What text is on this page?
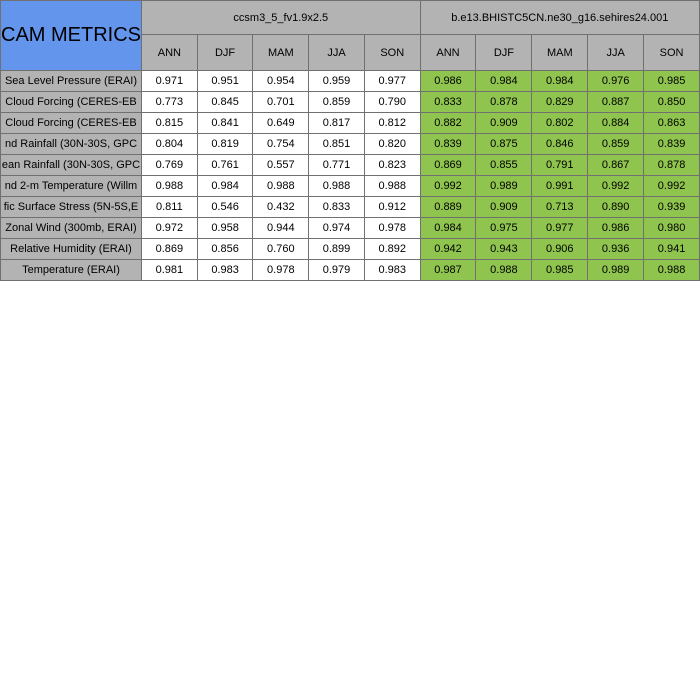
CAM METRICS	ccsm3_5_fv1.9x2.5					b.e13.BHISTC5CN.ne30_g16.sehires24.001				
	ANN	DJF	MAM	JJA	SON	ANN	DJF	MAM	JJA	SON

Sea Level Pressure (ERAI)	0.971	0.951	0.954	0.959	0.977	0.986	0.984	0.984	0.976	0.985

Cloud Forcing (CERES-EB	0.773	0.845	0.701	0.859	0.790	0.833	0.878	0.829	0.887	0.850

Cloud Forcing (CERES-EB	0.815	0.841	0.649	0.817	0.812	0.882	0.909	0.802	0.884	0.863

nd Rainfall (30N-30S, GPC	0.804	0.819	0.754	0.851	0.820	0.839	0.875	0.846	0.859	0.839

ean Rainfall (30N-30S, GPC	0.769	0.761	0.557	0.771	0.823	0.869	0.855	0.791	0.867	0.878

nd 2-m Temperature (Willm	0.988	0.984	0.988	0.988	0.988	0.992	0.989	0.991	0.992	0.992

fic Surface Stress (5N-5S,E	0.811	0.546	0.432	0.833	0.912	0.889	0.909	0.713	0.890	0.939

Zonal Wind (300mb, ERAI)	0.972	0.958	0.944	0.974	0.978	0.984	0.975	0.977	0.986	0.980

Relative Humidity (ERAI)	0.869	0.856	0.760	0.899	0.892	0.942	0.943	0.906	0.936	0.941

Temperature (ERAI)	0.981	0.983	0.978	0.979	0.983	0.987	0.988	0.985	0.989	0.988
